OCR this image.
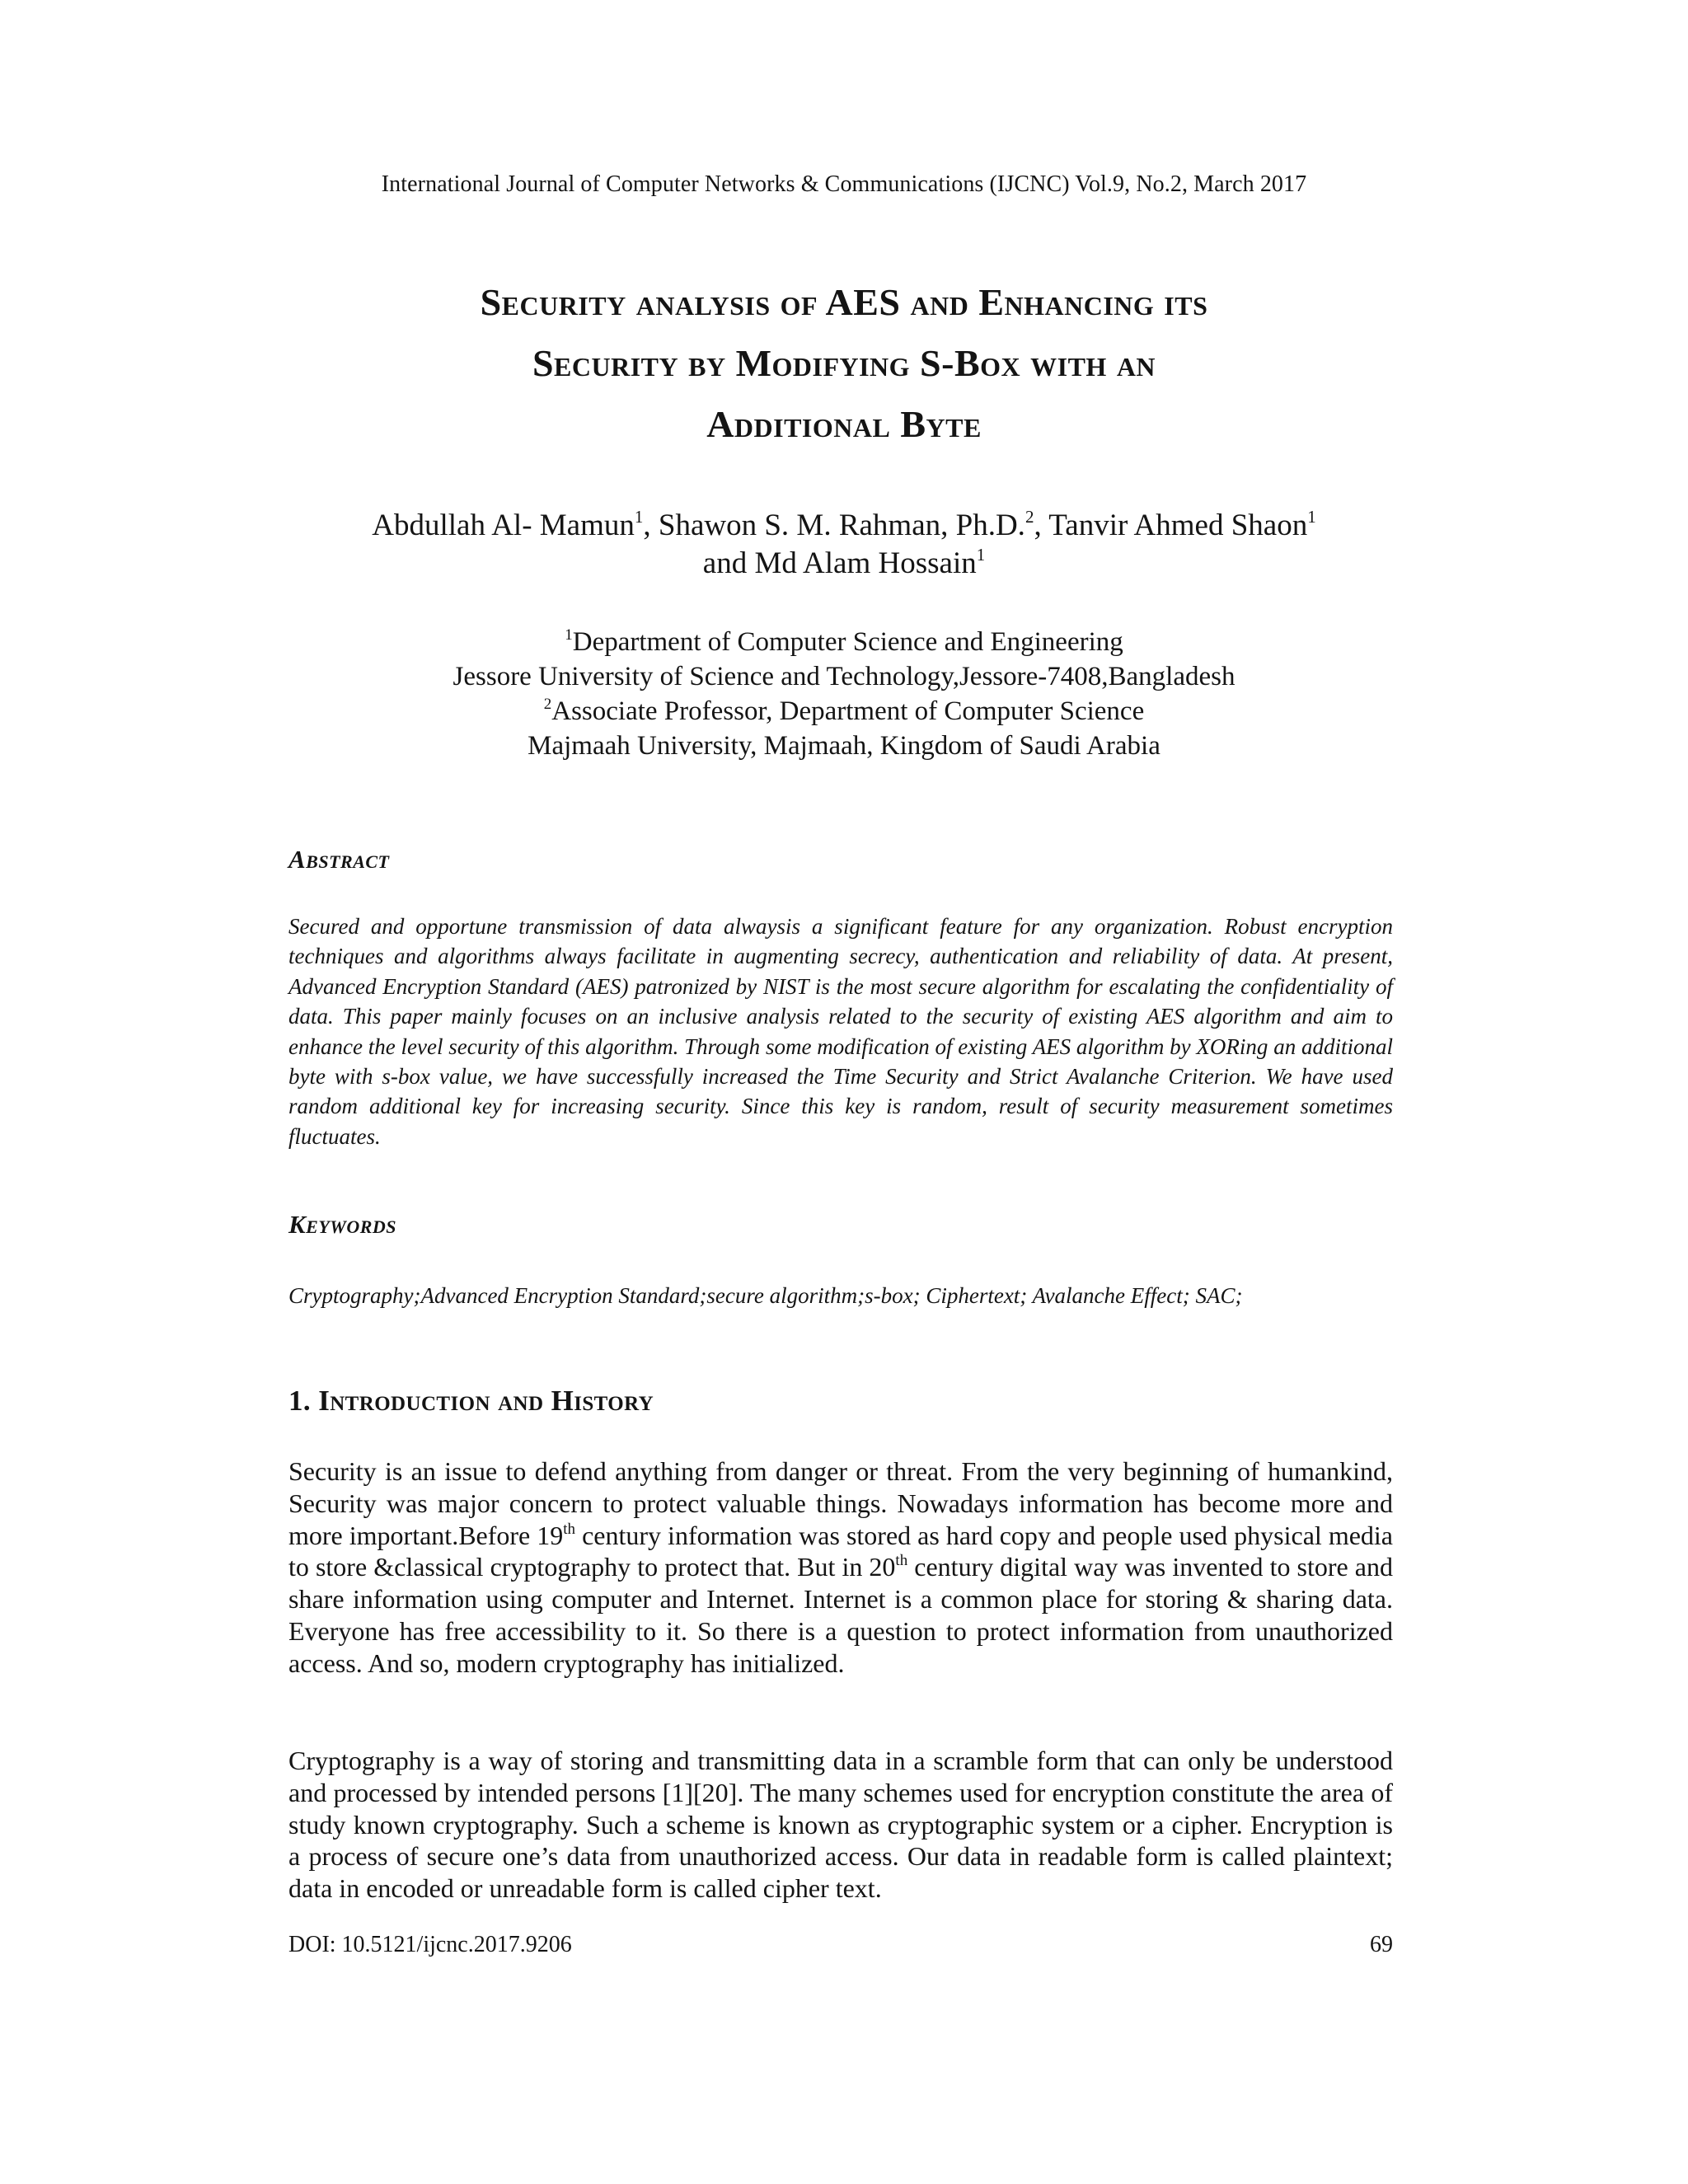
International Journal of Computer Networks & Communications (IJCNC) Vol.9, No.2, March 2017
Security analysis of AES and Enhancing its
Security by Modifying S-Box with an
Additional Byte
Abdullah Al- Mamun$^1$, Shawon S. M. Rahman, Ph.D.$^2$, Tanvir Ahmed Shaon$^1$
and Md Alam Hossain$^1$
$^1$Department of Computer Science and Engineering
Jessore University of Science and Technology,Jessore-7408,Bangladesh
$^2$Associate Professor, Department of Computer Science
Majmaah University, Majmaah, Kingdom of Saudi Arabia
Abstract
Secured and opportune transmission of data alwaysis a significant feature for any organization. Robust encryption techniques and algorithms always facilitate in augmenting secrecy, authentication and reliability of data. At present, Advanced Encryption Standard (AES) patronized by NIST is the most secure algorithm for escalating the confidentiality of data. This paper mainly focuses on an inclusive analysis related to the security of existing AES algorithm and aim to enhance the level security of this algorithm. Through some modification of existing AES algorithm by XORing an additional byte with s-box value, we have successfully increased the Time Security and Strict Avalanche Criterion. We have used random additional key for increasing security. Since this key is random, result of security measurement sometimes fluctuates.
Keywords
Cryptography;Advanced Encryption Standard;secure algorithm;s-box; Ciphertext; Avalanche Effect; SAC;
1. Introduction and History
Security is an issue to defend anything from danger or threat. From the very beginning of humankind, Security was major concern to protect valuable things. Nowadays information has become more and more important.Before 19th century information was stored as hard copy and people used physical media to store &classical cryptography to protect that. But in 20th century digital way was invented to store and share information using computer and Internet. Internet is a common place for storing & sharing data. Everyone has free accessibility to it. So there is a question to protect information from unauthorized access. And so, modern cryptography has initialized.
Cryptography is a way of storing and transmitting data in a scramble form that can only be understood and processed by intended persons [1][20]. The many schemes used for encryption constitute the area of study known cryptography. Such a scheme is known as cryptographic system or a cipher. Encryption is a process of secure one’s data from unauthorized access. Our data in readable form is called plaintext; data in encoded or unreadable form is called cipher text.
DOI: 10.5121/ijcnc.2017.9206	69
